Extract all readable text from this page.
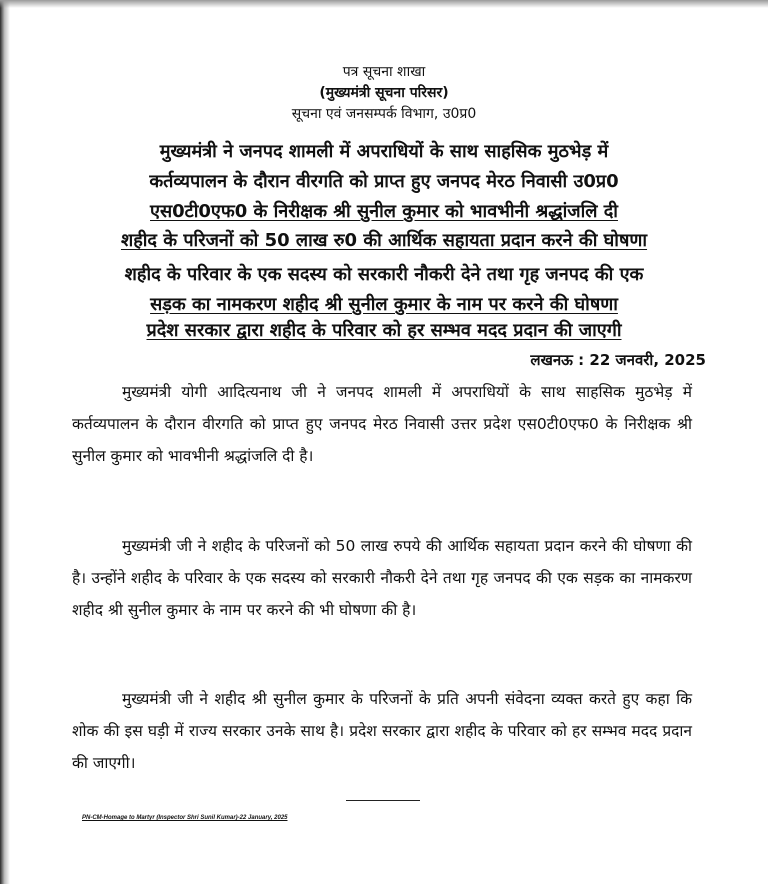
पत्र सूचना शाखा
(मुख्यमंत्री सूचना परिसर)
सूचना एवं जनसम्पर्क विभाग, उ0प्र0
मुख्यमंत्री ने जनपद शामली में अपराधियों के साथ साहसिक मुठभेड़ में
कर्तव्यपालन के दौरान वीरगति को प्राप्त हुए जनपद मेरठ निवासी उ0प्र0
एस0टी0एफ0 के निरीक्षक श्री सुनील कुमार को भावभीनी श्रद्धांजलि दी
शहीद के परिजनों को 50 लाख रु0 की आर्थिक सहायता प्रदान करने की घोषणा
शहीद के परिवार के एक सदस्य को सरकारी नौकरी देने तथा गृह जनपद की एक
सड़क का नामकरण शहीद श्री सुनील कुमार के नाम पर करने की घोषणा
प्रदेश सरकार द्वारा शहीद के परिवार को हर सम्भव मदद प्रदान की जाएगी
लखनऊ : 22 जनवरी, 2025

मुख्यमंत्री योगी आदित्यनाथ जी ने जनपद शामली में अपराधियों के साथ साहसिक मुठभेड़ में कर्तव्यपालन के दौरान वीरगति को प्राप्त हुए जनपद मेरठ निवासी उत्तर प्रदेश एस0टी0एफ0 के निरीक्षक श्री सुनील कुमार को भावभीनी श्रद्धांजलि दी है।

मुख्यमंत्री जी ने शहीद के परिजनों को 50 लाख रुपये की आर्थिक सहायता प्रदान करने की घोषणा की है। उन्होंने शहीद के परिवार के एक सदस्य को सरकारी नौकरी देने तथा गृह जनपद की एक सड़क का नामकरण शहीद श्री सुनील कुमार के नाम पर करने की भी घोषणा की है।

मुख्यमंत्री जी ने शहीद श्री सुनील कुमार के परिजनों के प्रति अपनी संवेदना व्यक्त करते हुए कहा कि शोक की इस घड़ी में राज्य सरकार उनके साथ है। प्रदेश सरकार द्वारा शहीद के परिवार को हर सम्भव मदद प्रदान की जाएगी।

PN-CM-Homage to Martyr (Inspector Shri Sunil Kumar)-22 January, 2025
